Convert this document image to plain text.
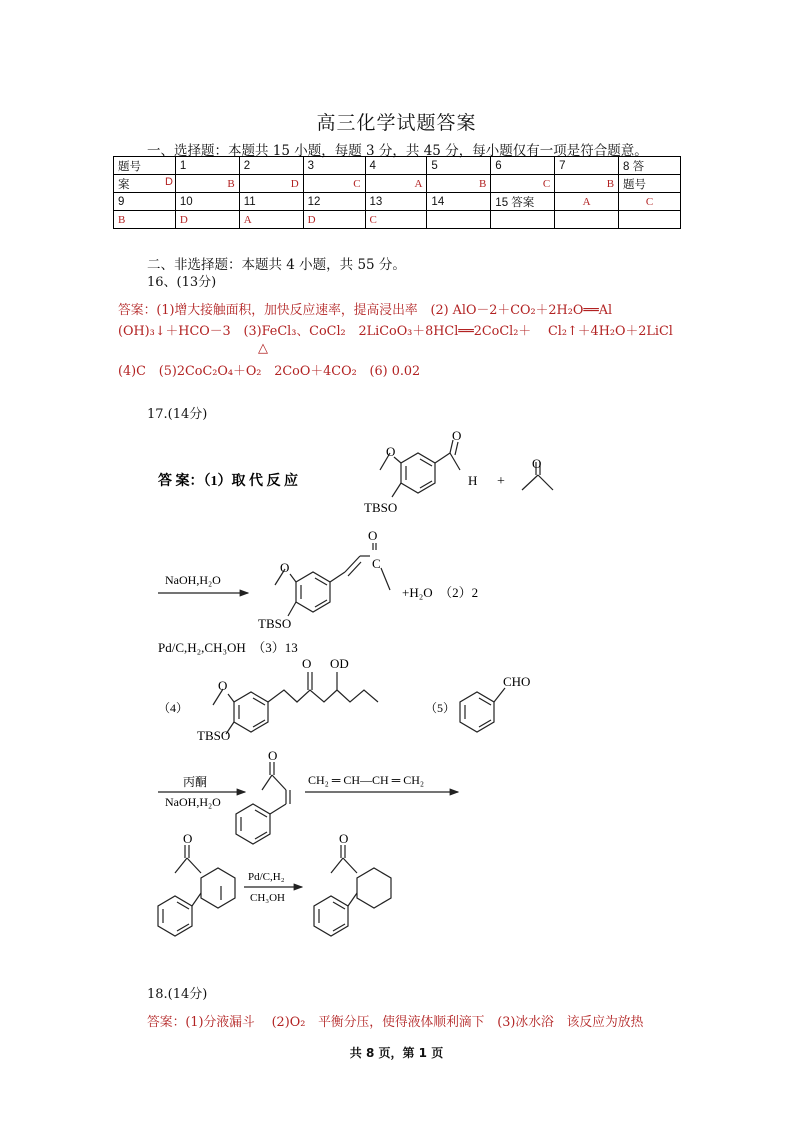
高三化学试题答案
一、选择题：本题共 15 小题，每题 3 分，共 45 分，每小题仅有一项是符合题意。
题号	1	2	3	4	5	6	7	8 答
案 D	B	D	C	A	B	C	B	题号
9	10	11	12	13	14	15 答案	A	C
B	D	A	D	C				
二、非选择题：本题共 4 小题，共 55 分。
16、(13分)
答案：(1)增大接触面积，加快反应速率，提高浸出率　(2) AlO－2＋CO₂＋2H₂O══Al
(OH)₃↓＋HCO－3　(3)FeCl₃、CoCl₂　2LiCoO₃＋8HCl══2CoCl₂＋　 Cl₂↑＋4H₂O＋2LiCl
△
(4)C　(5)2CoC₂O₄＋O₂　2CoO＋4CO₂　(6) 0.02
17.(14分)
答 案：（1）取 代 反 应
O
O
H +
O
TBSO
NaOH,H₂O
O
O
C
TBSO
+H₂O　（2）2
Pd/C,H₂,CH₃OH　（3）13
O OD
（4）
O
TBSO
（5）
CHO
丙酮
NaOH,H₂O
O
CH₂ ═ CH—CH ═ CH₂
O
Pd/C,H₂
CH₃OH
O
18.(14分)
答案：(1)分液漏斗　 (2)O₂　平衡分压，使得液体顺利滴下　(3)冰水浴　该反应为放热
共 8 页，第 1 页
